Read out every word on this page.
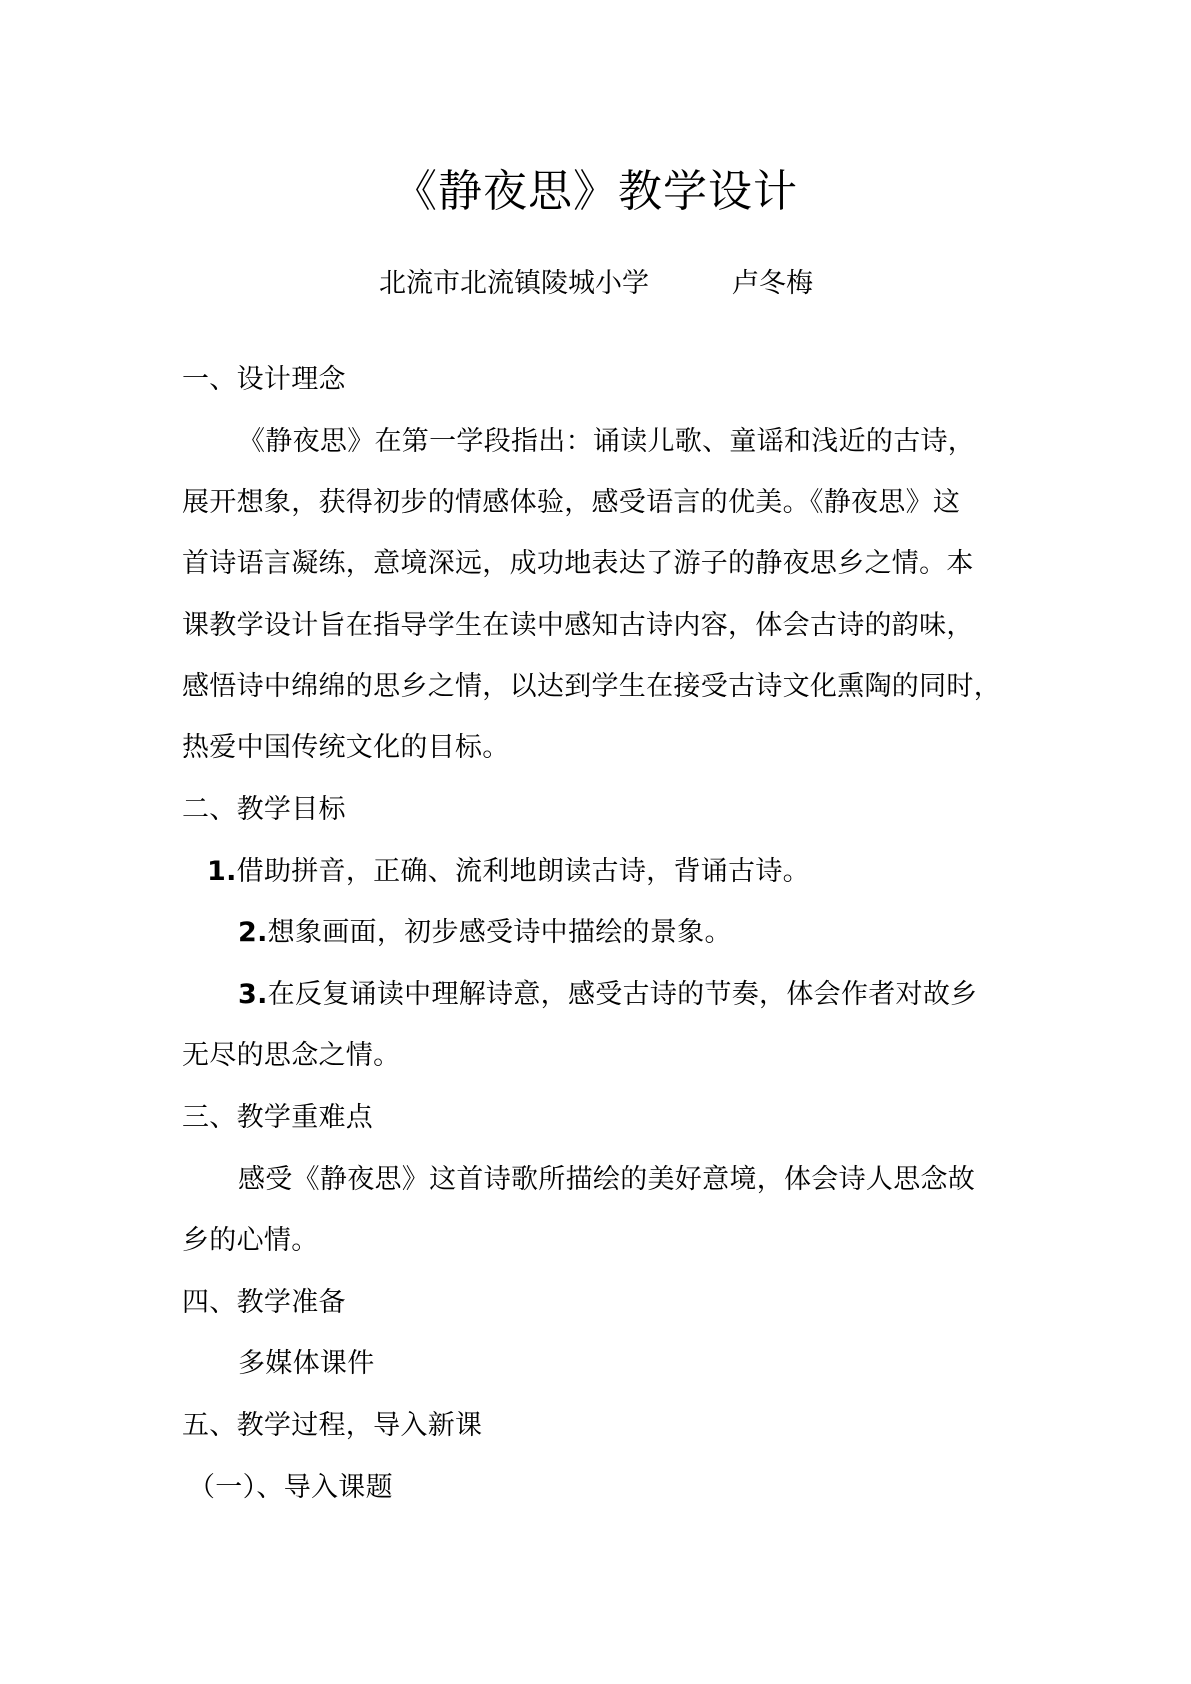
《静夜思》教学设计
北流市北流镇陵城小学	卢冬梅
一、设计理念
《静夜思》在第一学段指出：诵读儿歌、童谣和浅近的古诗，
展开想象，获得初步的情感体验，感受语言的优美。《静夜思》这
首诗语言凝练，意境深远，成功地表达了游子的静夜思乡之情。本
课教学设计旨在指导学生在读中感知古诗内容，体会古诗的韵味，
感悟诗中绵绵的思乡之情，以达到学生在接受古诗文化熏陶的同时，
热爱中国传统文化的目标。
二、教学目标
1.借助拼音，正确、流利地朗读古诗，背诵古诗。
2.想象画面，初步感受诗中描绘的景象。
3.在反复诵读中理解诗意，感受古诗的节奏，体会作者对故乡
无尽的思念之情。
三、教学重难点
感受《静夜思》这首诗歌所描绘的美好意境，体会诗人思念故
乡的心情。
四、教学准备
多媒体课件
五、教学过程，导入新课
（一）、导入课题
